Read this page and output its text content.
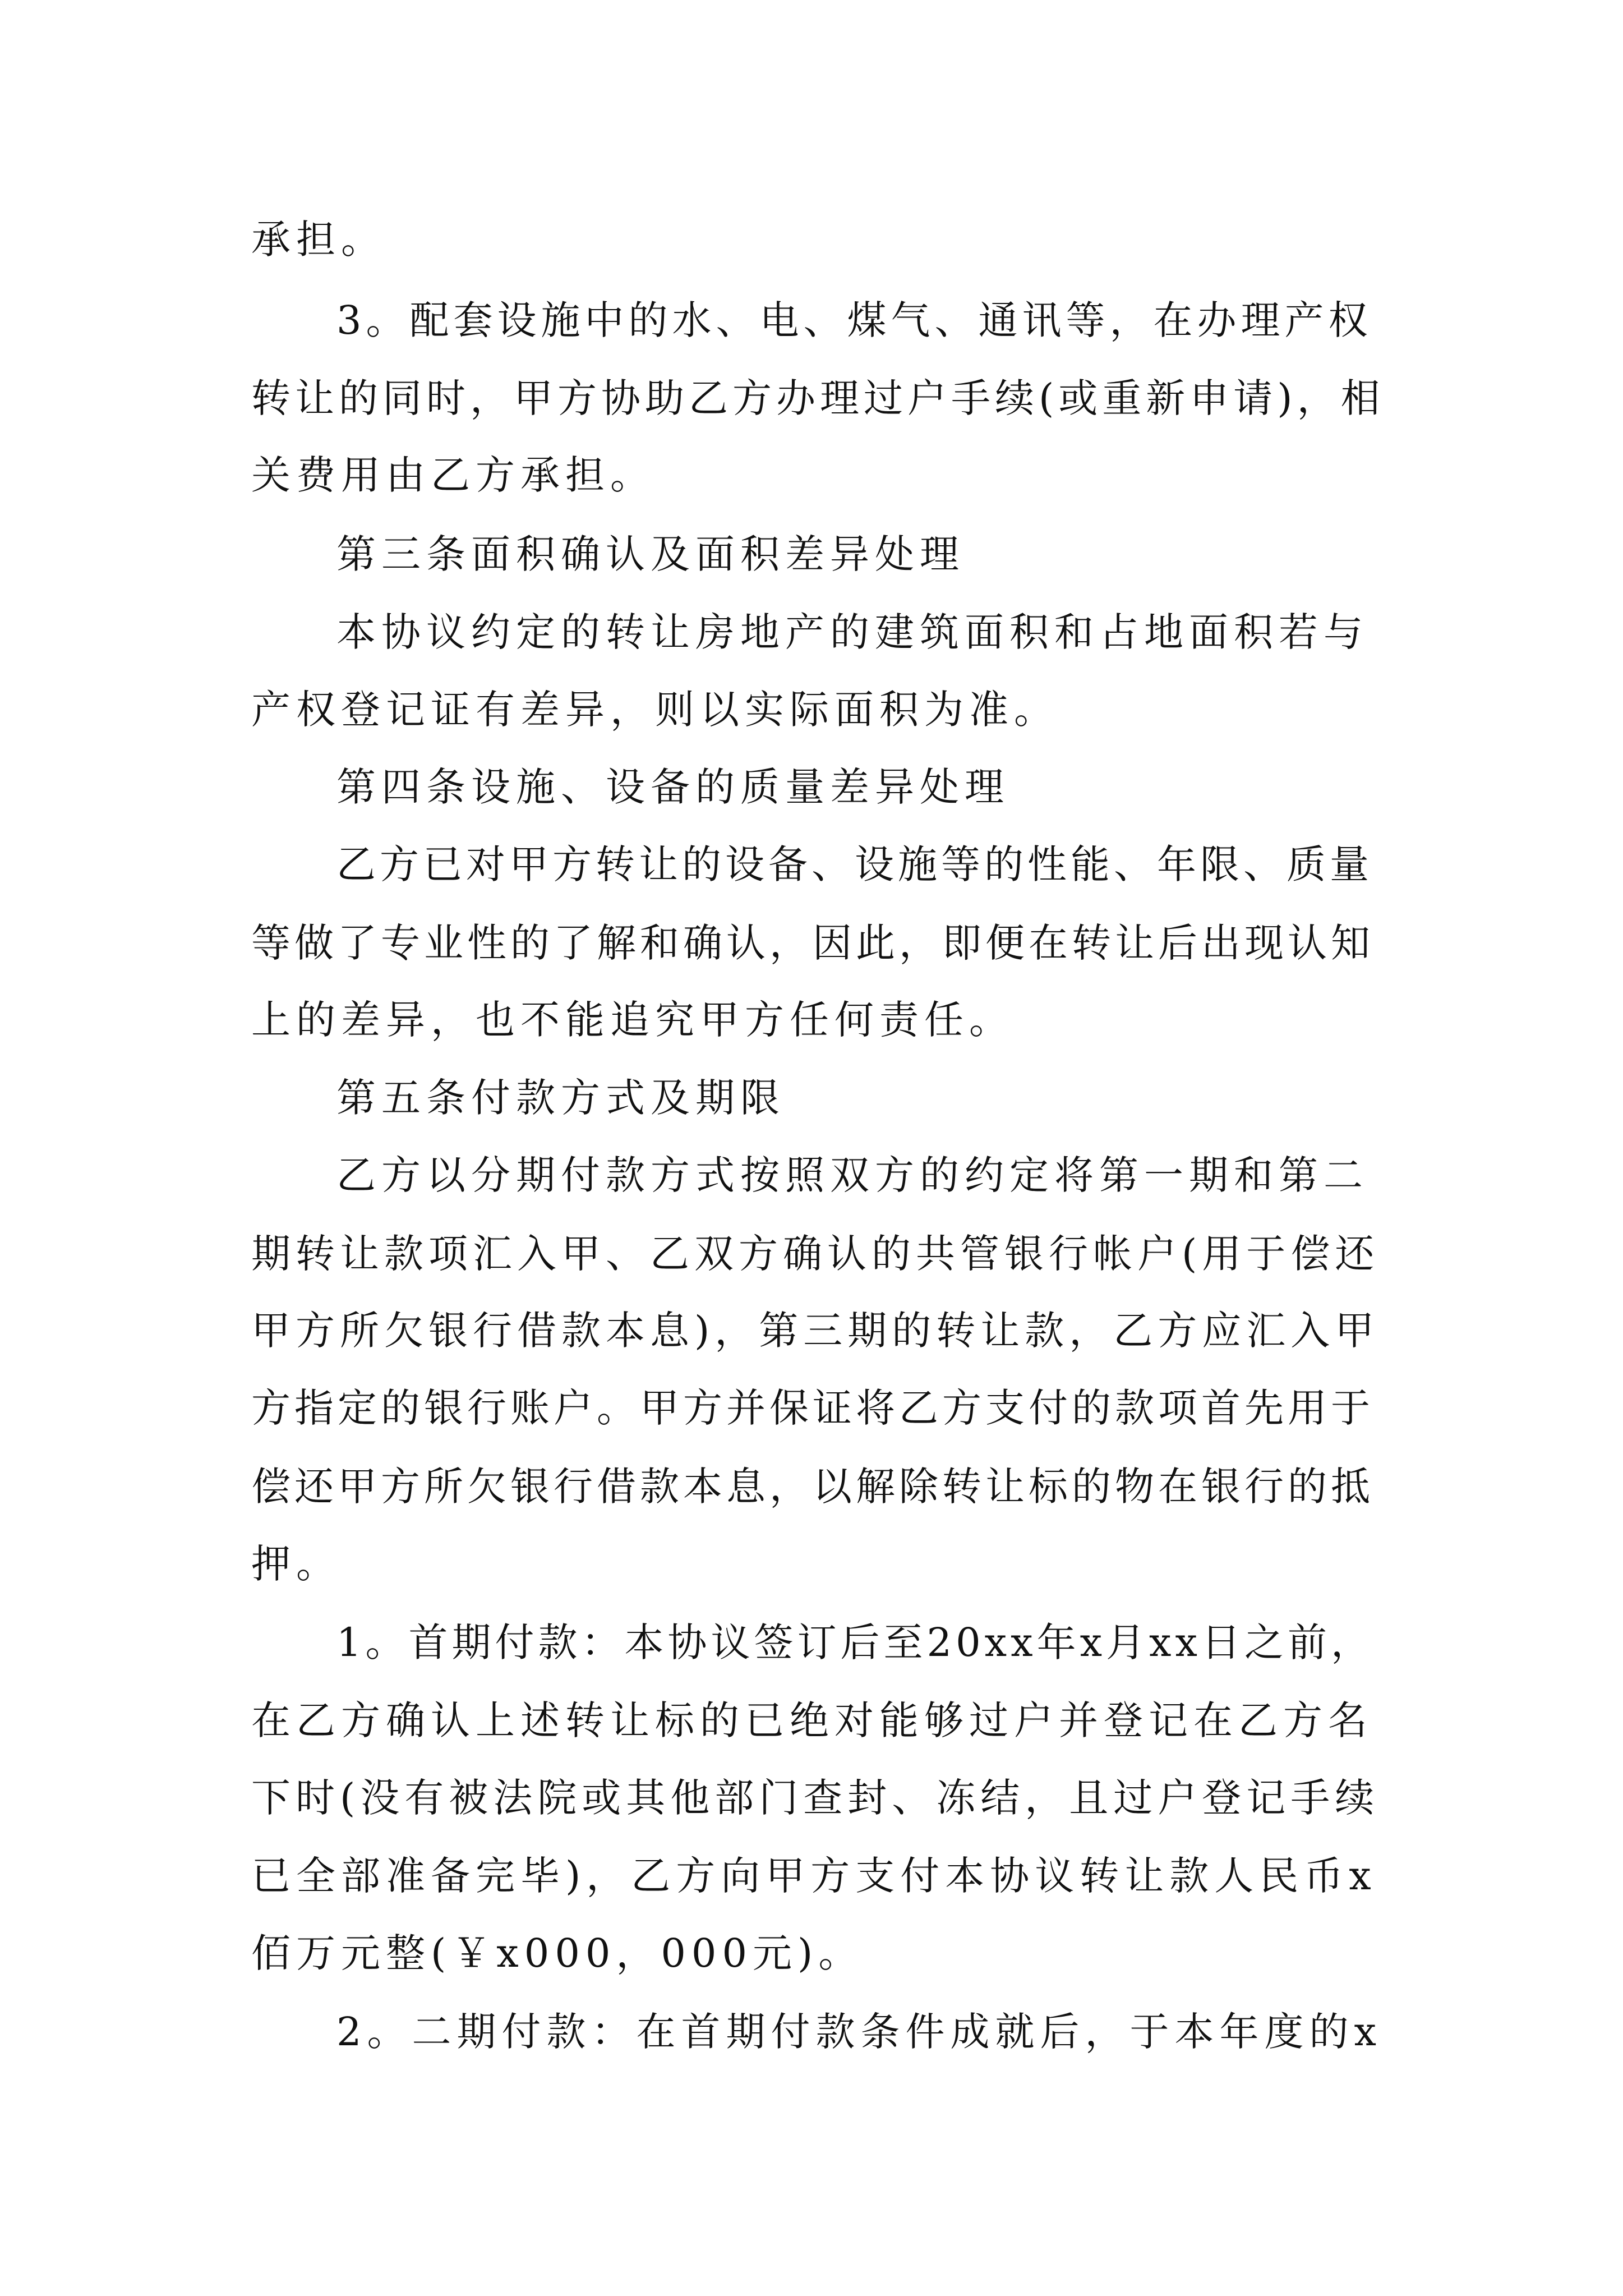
承担。
3。配套设施中的水、电、煤气、通讯等，在办理产权
转让的同时，甲方协助乙方办理过户手续(或重新申请)，相
关费用由乙方承担。
第三条面积确认及面积差异处理
本协议约定的转让房地产的建筑面积和占地面积若与
产权登记证有差异，则以实际面积为准。
第四条设施、设备的质量差异处理
乙方已对甲方转让的设备、设施等的性能、年限、质量
等做了专业性的了解和确认，因此，即便在转让后出现认知
上的差异，也不能追究甲方任何责任。
第五条付款方式及期限
乙方以分期付款方式按照双方的约定将第一期和第二
期转让款项汇入甲、乙双方确认的共管银行帐户(用于偿还
甲方所欠银行借款本息)，第三期的转让款，乙方应汇入甲
方指定的银行账户。甲方并保证将乙方支付的款项首先用于
偿还甲方所欠银行借款本息，以解除转让标的物在银行的抵
押。
1。首期付款：本协议签订后至20xx年x月xx日之前，
在乙方确认上述转让标的已绝对能够过户并登记在乙方名
下时(没有被法院或其他部门查封、冻结，且过户登记手续
已全部准备完毕)，乙方向甲方支付本协议转让款人民币x
佰万元整(￥x000，000元)。
2。二期付款：在首期付款条件成就后，于本年度的x
